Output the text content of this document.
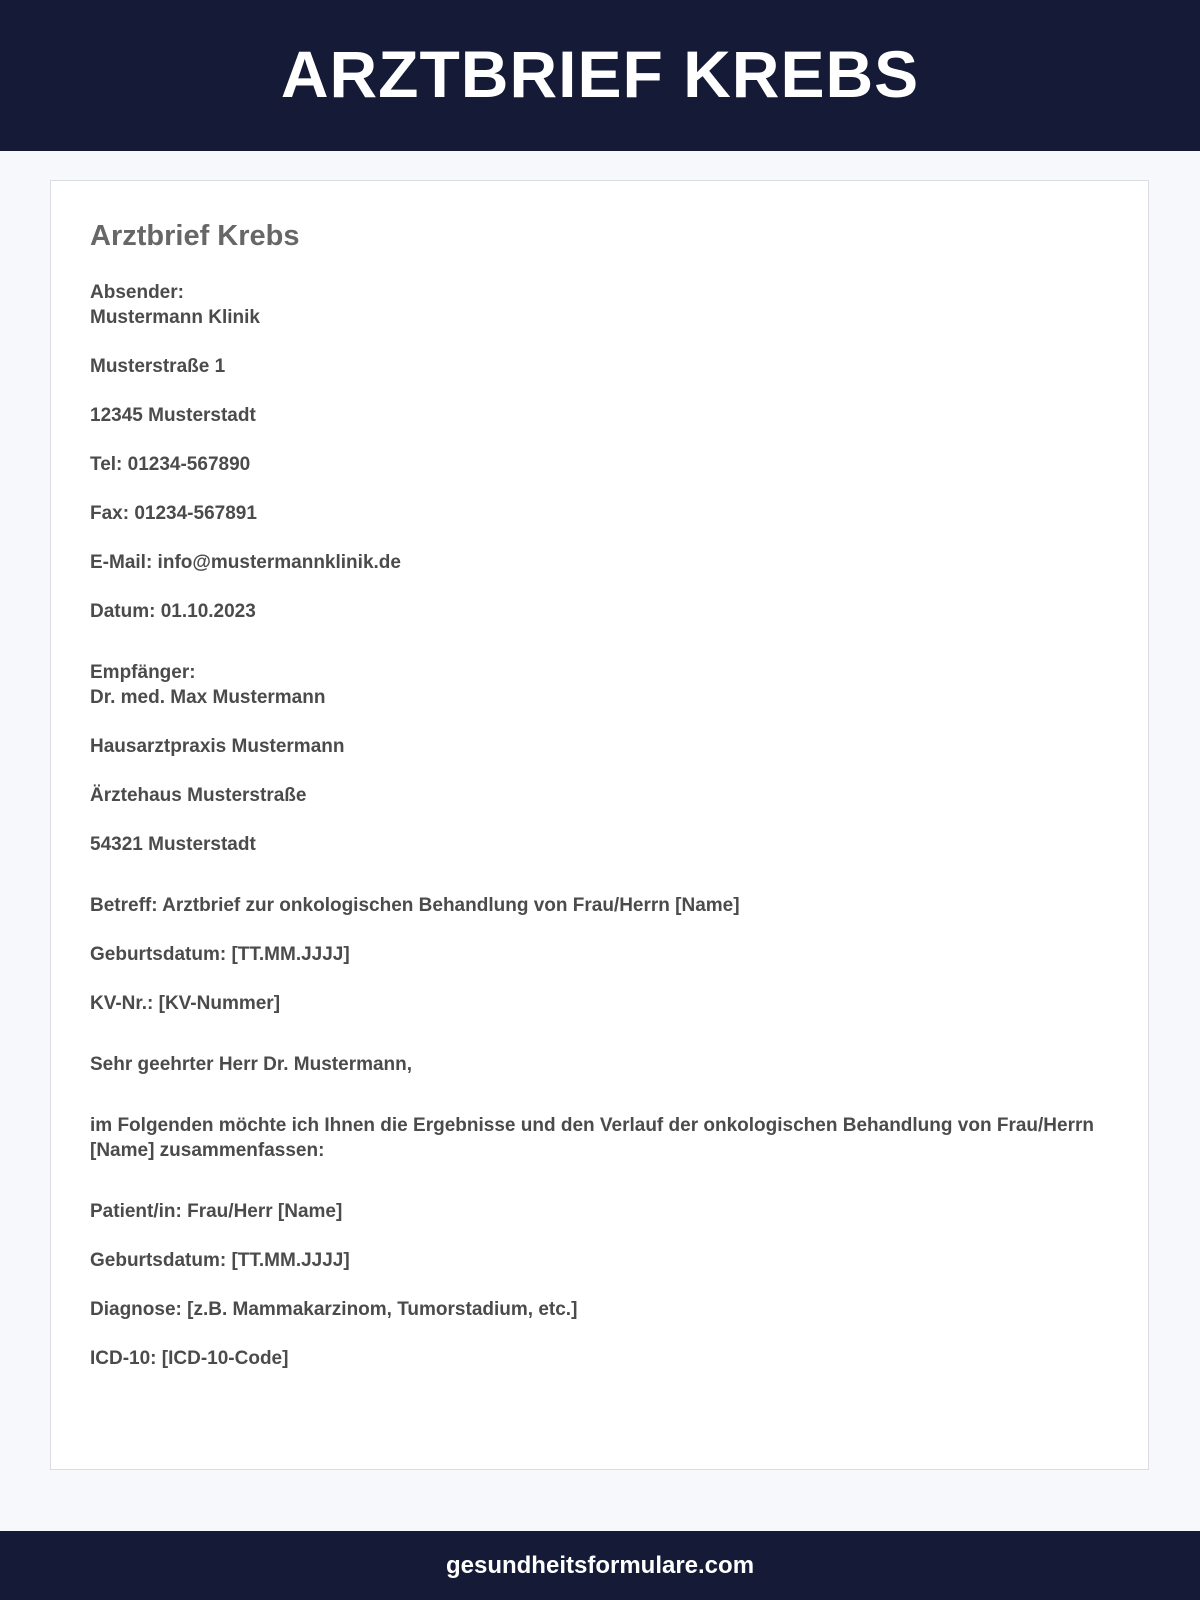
ARZTBRIEF KREBS
Arztbrief Krebs
Absender:
Mustermann Klinik
Musterstraße 1
12345 Musterstadt
Tel: 01234-567890
Fax: 01234-567891
E-Mail: info@mustermannklinik.de
Datum: 01.10.2023
Empfänger:
Dr. med. Max Mustermann
Hausarztpraxis Mustermann
Ärztehaus Musterstraße
54321 Musterstadt
Betreff: Arztbrief zur onkologischen Behandlung von Frau/Herrn [Name]
Geburtsdatum: [TT.MM.JJJJ]
KV-Nr.: [KV-Nummer]
Sehr geehrter Herr Dr. Mustermann,
im Folgenden möchte ich Ihnen die Ergebnisse und den Verlauf der onkologischen Behandlung von Frau/Herrn [Name] zusammenfassen:
Patient/in: Frau/Herr [Name]
Geburtsdatum: [TT.MM.JJJJ]
Diagnose: [z.B. Mammakarzinom, Tumorstadium, etc.]
ICD-10: [ICD-10-Code]
gesundheitsformulare.com
